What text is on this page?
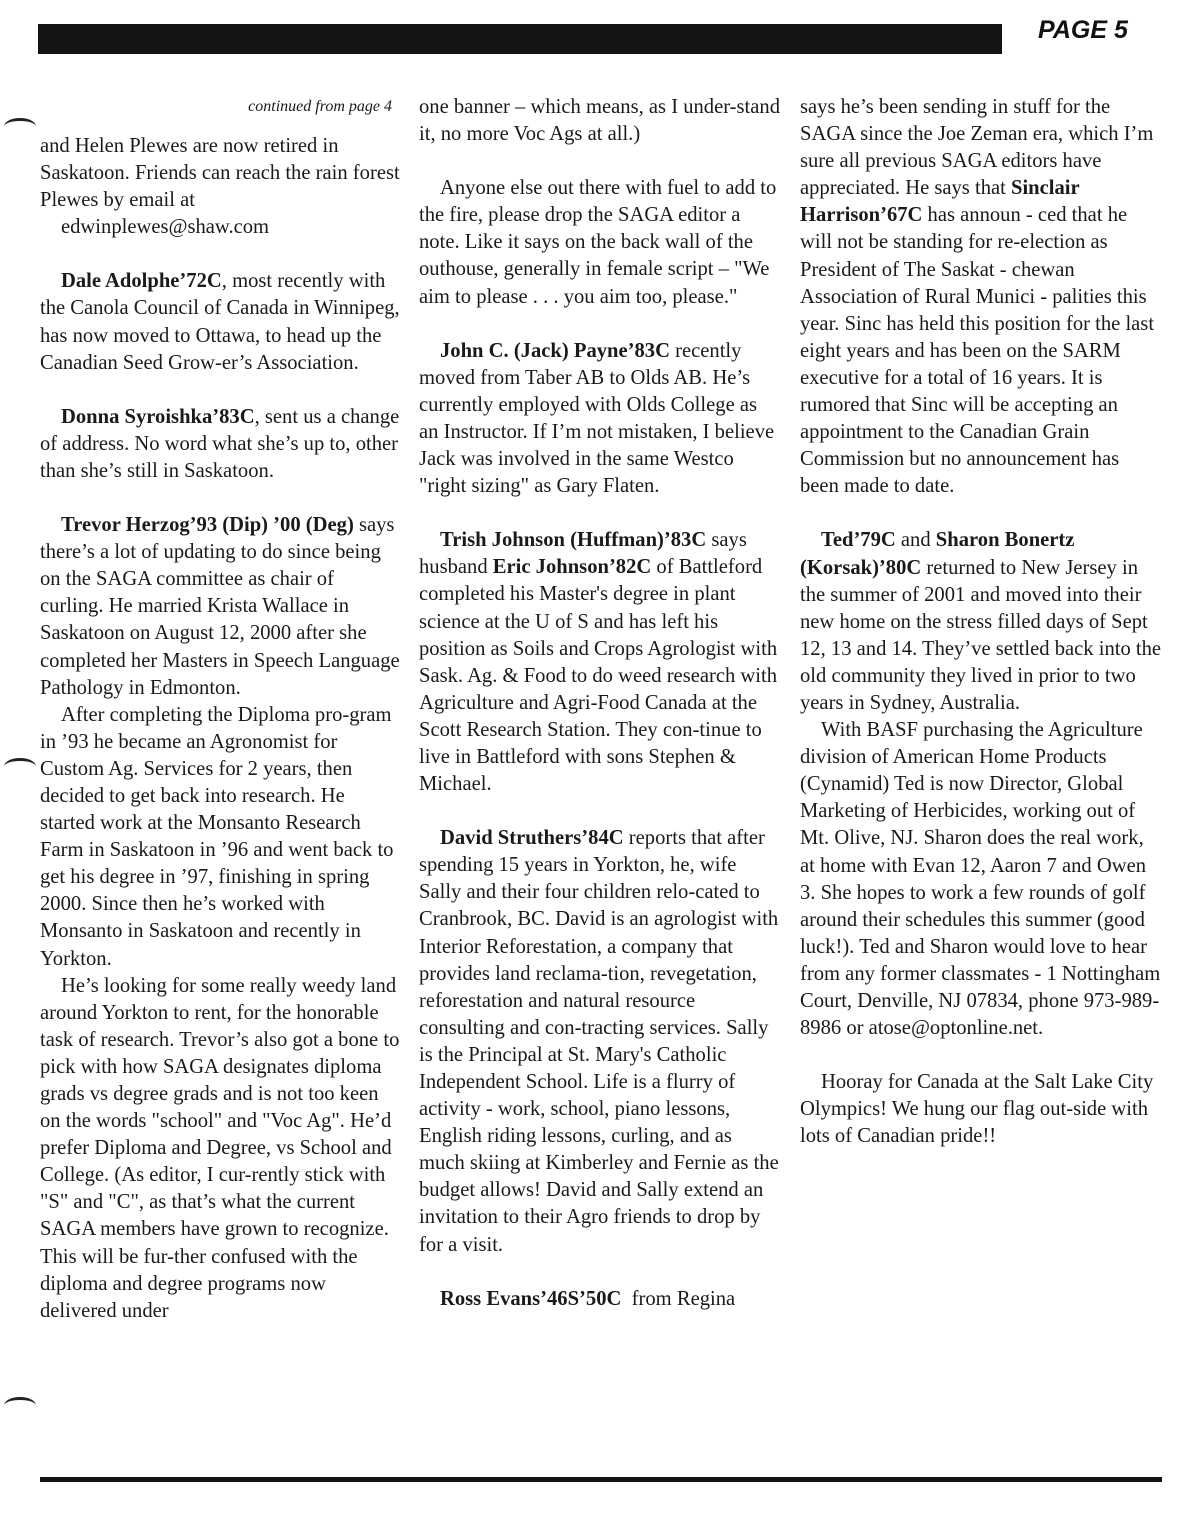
PAGE 5

continued from page 4

and Helen Plewes are now retired in Saskatoon. Friends can reach the rain forest Plewes by email at

edwinplewes@shaw.com

Dale Adolphe’72C, most recently with the Canola Council of Canada in Winnipeg, has now moved to Ottawa, to head up the Canadian Seed Grow-er’s Association.

Donna Syroishka’83C, sent us a change of address. No word what she’s up to, other than she’s still in Saskatoon.

Trevor Herzog’93 (Dip) ’00 (Deg) says there’s a lot of updating to do since being on the SAGA committee as chair of curling. He married Krista Wallace in Saskatoon on August 12, 2000 after she completed her Masters in Speech Language Pathology in Edmonton.

After completing the Diploma pro-gram in ’93 he became an Agronomist for Custom Ag. Services for 2 years, then decided to get back into research. He started work at the Monsanto Research Farm in Saskatoon in ’96 and went back to get his degree in ’97, finishing in spring 2000. Since then he’s worked with Monsanto in Saskatoon and recently in Yorkton.

He’s looking for some really weedy land around Yorkton to rent, for the honorable task of research. Trevor’s also got a bone to pick with how SAGA designates diploma grads vs degree grads and is not too keen on the words "school" and "Voc Ag". He’d prefer Diploma and Degree, vs School and College. (As editor, I cur-rently stick with "S" and "C", as that’s what the current SAGA members have grown to recognize. This will be fur-ther confused with the diploma and degree programs now delivered under

one banner – which means, as I under-stand it, no more Voc Ags at all.)

Anyone else out there with fuel to add to the fire, please drop the SAGA editor a note. Like it says on the back wall of the outhouse, generally in female script – "We aim to please . . . you aim too, please."

John C. (Jack) Payne’83C recently moved from Taber AB to Olds AB. He’s currently employed with Olds College as an Instructor. If I’m not mistaken, I believe Jack was involved in the same Westco "right sizing" as Gary Flaten.

Trish Johnson (Huffman)’83C says husband Eric Johnson’82C of Battleford completed his Master's degree in plant science at the U of S and has left his position as Soils and Crops Agrologist with Sask. Ag. & Food to do weed research with Agriculture and Agri-Food Canada at the Scott Research Station. They con-tinue to live in Battleford with sons Stephen & Michael.

David Struthers’84C reports that after spending 15 years in Yorkton, he, wife Sally and their four children relo-cated to Cranbrook, BC. David is an agrologist with Interior Reforestation, a company that provides land reclama-tion, revegetation, reforestation and natural resource consulting and con-tracting services. Sally is the Principal at St. Mary's Catholic Independent School. Life is a flurry of activity - work, school, piano lessons, English riding lessons, curling, and as much skiing at Kimberley and Fernie as the budget allows! David and Sally extend an invitation to their Agro friends to drop by for a visit.

Ross Evans’46S’50C  from Regina

says he’s been sending in stuff for the SAGA since the Joe Zeman era, which I’m sure all previous SAGA editors have appreciated. He says that Sinclair Harrison’67C has announ - ced that he will not be standing for re-election as President of The Saskat - chewan Association of Rural Munici - palities this year. Sinc has held this position for the last eight years and has been on the SARM executive for a total of 16 years. It is rumored that Sinc will be accepting an appointment to the Canadian Grain Commission but no announcement has been made to date.

Ted’79C and Sharon Bonertz (Korsak)’80C returned to New Jersey in the summer of 2001 and moved into their new home on the stress filled days of Sept 12, 13 and 14. They’ve settled back into the old community they lived in prior to two years in Sydney, Australia.

With BASF purchasing the Agriculture division of American Home Products (Cynamid) Ted is now Director, Global Marketing of Herbicides, working out of Mt. Olive, NJ. Sharon does the real work, at home with Evan 12, Aaron 7 and Owen 3. She hopes to work a few rounds of golf around their schedules this summer (good luck!). Ted and Sharon would love to hear from any former classmates - 1 Nottingham Court, Denville, NJ 07834, phone 973-989-8986 or atose@optonline.net.

Hooray for Canada at the Salt Lake City Olympics! We hung our flag out-side with lots of Canadian pride!!
